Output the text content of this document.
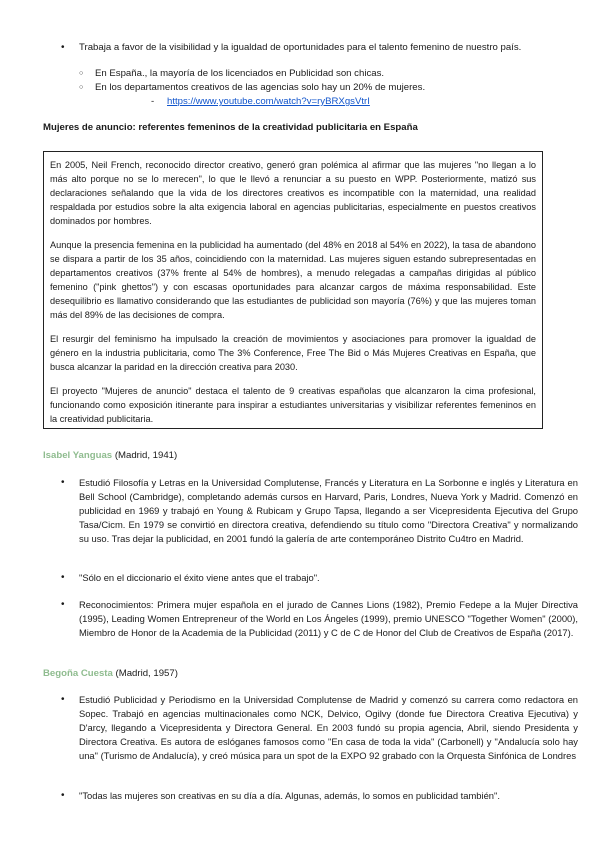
• Trabaja a favor de la visibilidad y la igualdad de oportunidades para el talento femenino de nuestro país.

○ En España., la mayoría de los licenciados en Publicidad son chicas.

○ En los departamentos creativos de las agencias solo hay un 20% de mujeres.

- https://www.youtube.com/watch?v=ryBRXgsVtrI

Mujeres de anuncio: referentes femeninos de la creatividad publicitaria en España

En 2005, Neil French, reconocido director creativo, generó gran polémica al afirmar que las mujeres "no llegan a lo más alto porque no se lo merecen", lo que le llevó a renunciar a su puesto en WPP. Posteriormente, matizó sus declaraciones señalando que la vida de los directores creativos es incompatible con la maternidad, una realidad respaldada por estudios sobre la alta exigencia laboral en agencias publicitarias, especialmente en puestos creativos dominados por hombres.

Aunque la presencia femenina en la publicidad ha aumentado (del 48% en 2018 al 54% en 2022), la tasa de abandono se dispara a partir de los 35 años, coincidiendo con la maternidad. Las mujeres siguen estando subrepresentadas en departamentos creativos (37% frente al 54% de hombres), a menudo relegadas a campañas dirigidas al público femenino ("pink ghettos") y con escasas oportunidades para alcanzar cargos de máxima responsabilidad. Este desequilibrio es llamativo considerando que las estudiantes de publicidad son mayoría (76%) y que las mujeres toman más del 89% de las decisiones de compra.

El resurgir del feminismo ha impulsado la creación de movimientos y asociaciones para promover la igualdad de género en la industria publicitaria, como The 3% Conference, Free The Bid o Más Mujeres Creativas en España, que busca alcanzar la paridad en la dirección creativa para 2030.

El proyecto "Mujeres de anuncio" destaca el talento de 9 creativas españolas que alcanzaron la cima profesional, funcionando como exposición itinerante para inspirar a estudiantes universitarias y visibilizar referentes femeninos en la creatividad publicitaria.

Isabel Yanguas (Madrid, 1941)

• Estudió Filosofía y Letras en la Universidad Complutense, Francés y Literatura en La Sorbonne e inglés y Literatura en Bell School (Cambridge), completando además cursos en Harvard, Paris, Londres, Nueva York y Madrid. Comenzó en publicidad en 1969 y trabajó en Young & Rubicam y Grupo Tapsa, llegando a ser Vicepresidenta Ejecutiva del Grupo Tasa/Cicm. En 1979 se convirtió en directora creativa, defendiendo su título como "Directora Creativa" y normalizando su uso. Tras dejar la publicidad, en 2001 fundó la galería de arte contemporáneo Distrito Cu4tro en Madrid.

• "Sólo en el diccionario el éxito viene antes que el trabajo".

• Reconocimientos: Primera mujer española en el jurado de Cannes Lions (1982), Premio Fedepe a la Mujer Directiva (1995), Leading Women Entrepreneur of the World en Los Ángeles (1999), premio UNESCO "Together Women" (2000), Miembro de Honor de la Academia de la Publicidad (2011) y C de C de Honor del Club de Creativos de España (2017).

Begoña Cuesta (Madrid, 1957)

• Estudió Publicidad y Periodismo en la Universidad Complutense de Madrid y comenzó su carrera como redactora en Sopec. Trabajó en agencias multinacionales como NCK, Delvico, Ogilvy (donde fue Directora Creativa Ejecutiva) y D'arcy, llegando a Vicepresidenta y Directora General. En 2003 fundó su propia agencia, Abril, siendo Presidenta y Directora Creativa. Es autora de eslóganes famosos como "En casa de toda la vida" (Carbonell) y "Andalucía solo hay una" (Turismo de Andalucía), y creó música para un spot de la EXPO 92 grabado con la Orquesta Sinfónica de Londres

• "Todas las mujeres son creativas en su día a día. Algunas, además, lo somos en publicidad también".
